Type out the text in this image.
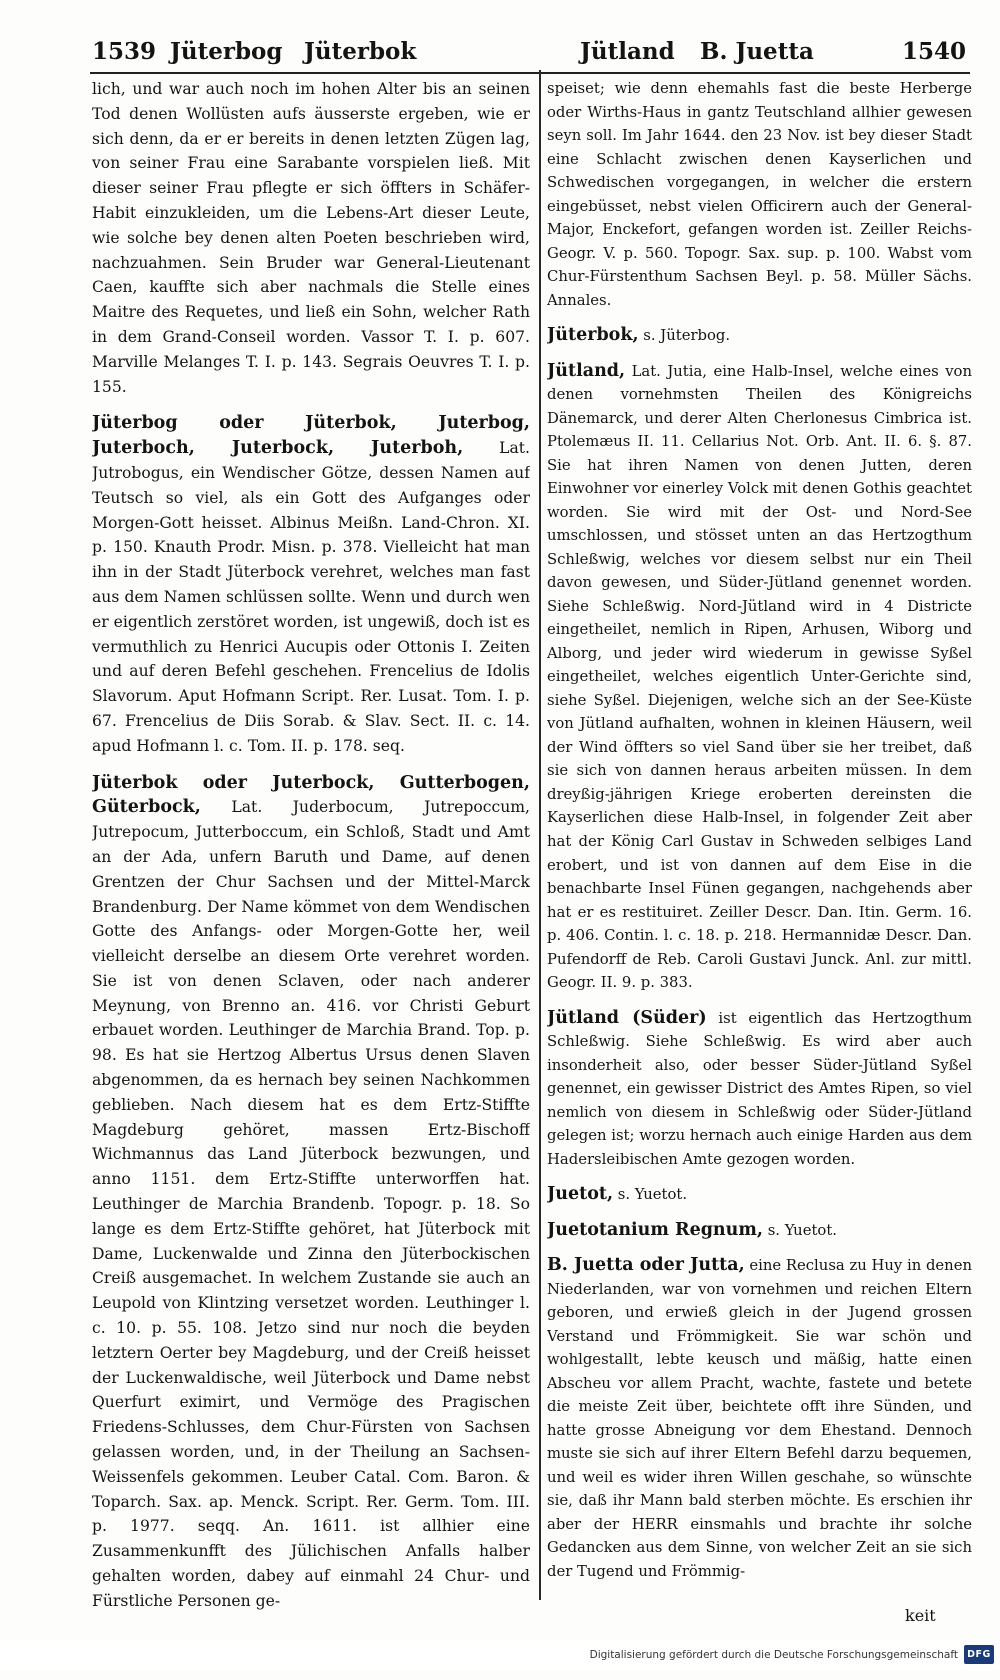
1539 Jüterbog Jüterbok	Jütland B. Juetta	1540

lich, und war auch noch im hohen Alter bis an seinen Tod denen Wollüsten aufs äusserste ergeben, wie er sich denn, da er er bereits in denen letzten Zügen lag, von seiner Frau eine Sarabante vorspielen ließ. Mit dieser seiner Frau pflegte er sich öffters in Schäfer-Habit einzukleiden, um die Lebens-Art dieser Leute, wie solche bey denen alten Poeten beschrieben wird, nachzuahmen. Sein Bruder war General-Lieutenant Caen, kauffte sich aber nachmals die Stelle eines Maitre des Requetes, und ließ ein Sohn, welcher Rath in dem Grand-Conseil worden. Vassor T. I. p. 607. Marville Melanges T. I. p. 143. Segrais Oeuvres T. I. p. 155.

Jüterbog oder Jüterbok, Juterbog, Juterboch, Juterbock, Juterboh, Lat. Jutrobogus, ein Wendischer Götze, dessen Namen auf Teutsch so viel, als ein Gott des Aufganges oder Morgen-Gott heisset. Albinus Meißn. Land-Chron. XI. p. 150. Knauth Prodr. Misn. p. 378. Vielleicht hat man ihn in der Stadt Jüterbock verehret, welches man fast aus dem Namen schlüssen sollte. Wenn und durch wen er eigentlich zerstöret worden, ist ungewiß, doch ist es vermuthlich zu Henrici Aucupis oder Ottonis I. Zeiten und auf deren Befehl geschehen. Frencelius de Idolis Slavorum. Aput Hofmann Script. Rer. Lusat. Tom. I. p. 67. Frencelius de Diis Sorab. & Slav. Sect. II. c. 14. apud Hofmann l. c. Tom. II. p. 178. seq.

Jüterbok oder Juterbock, Gutterbogen, Güterbock, Lat. Juderbocum, Jutrepoccum, Jutrepocum, Jutterboccum, ein Schloß, Stadt und Amt an der Ada, unfern Baruth und Dame, auf denen Grentzen der Chur Sachsen und der Mittel-Marck Brandenburg. Der Name kömmet von dem Wendischen Gotte des Anfangs- oder Morgen-Gotte her, weil vielleicht derselbe an diesem Orte verehret worden. Sie ist von denen Sclaven, oder nach anderer Meynung, von Brenno an. 416. vor Christi Geburt erbauet worden. Leuthinger de Marchia Brand. Top. p. 98. Es hat sie Hertzog Albertus Ursus denen Slaven abgenommen, da es hernach bey seinen Nachkommen geblieben. Nach diesem hat es dem Ertz-Stiffte Magdeburg gehöret, massen Ertz-Bischoff Wichmannus das Land Jüterbock bezwungen, und anno 1151. dem Ertz-Stiffte unterworffen hat. Leuthinger de Marchia Brandenb. Topogr. p. 18. So lange es dem Ertz-Stiffte gehöret, hat Jüterbock mit Dame, Luckenwalde und Zinna den Jüterbockischen Creiß ausgemachet. In welchem Zustande sie auch an Leupold von Klintzing versetzet worden. Leuthinger l. c. 10. p. 55. 108. Jetzo sind nur noch die beyden letztern Oerter bey Magdeburg, und der Creiß heisset der Luckenwaldische, weil Jüterbock und Dame nebst Querfurt eximirt, und Vermöge des Pragischen Friedens-Schlusses, dem Chur-Fürsten von Sachsen gelassen worden, und, in der Theilung an Sachsen-Weissenfels gekommen. Leuber Catal. Com. Baron. & Toparch. Sax. ap. Menck. Script. Rer. Germ. Tom. III. p. 1977. seqq. An. 1611. ist allhier eine Zusammenkunfft des Jülichischen Anfalls halber gehalten worden, dabey auf einmahl 24 Chur- und Fürstliche Personen ge-

speiset; wie denn ehemahls fast die beste Herberge oder Wirths-Haus in gantz Teutschland allhier gewesen seyn soll. Im Jahr 1644. den 23 Nov. ist bey dieser Stadt eine Schlacht zwischen denen Kayserlichen und Schwedischen vorgegangen, in welcher die erstern eingebüsset, nebst vielen Officirern auch der General-Major, Enckefort, gefangen worden ist. Zeiller Reichs-Geogr. V. p. 560. Topogr. Sax. sup. p. 100. Wabst vom Chur-Fürstenthum Sachsen Beyl. p. 58. Müller Sächs. Annales.

Jüterbok, s. Jüterbog.

Jütland, Lat. Jutia, eine Halb-Insel, welche eines von denen vornehmsten Theilen des Königreichs Dänemarck, und derer Alten Cherlonesus Cimbrica ist. Ptolemæus II. 11. Cellarius Not. Orb. Ant. II. 6. §. 87. Sie hat ihren Namen von denen Jutten, deren Einwohner vor einerley Volck mit denen Gothis geachtet worden. Sie wird mit der Ost- und Nord-See umschlossen, und stösset unten an das Hertzogthum Schleßwig, welches vor diesem selbst nur ein Theil davon gewesen, und Süder-Jütland genennet worden. Siehe Schleßwig. Nord-Jütland wird in 4 Districte eingetheilet, nemlich in Ripen, Arhusen, Wiborg und Alborg, und jeder wird wiederum in gewisse Syßel eingetheilet, welches eigentlich Unter-Gerichte sind, siehe Syßel. Diejenigen, welche sich an der See-Küste von Jütland aufhalten, wohnen in kleinen Häusern, weil der Wind öffters so viel Sand über sie her treibet, daß sie sich von dannen heraus arbeiten müssen. In dem dreyßig-jährigen Kriege eroberten dereinsten die Kayserlichen diese Halb-Insel, in folgender Zeit aber hat der König Carl Gustav in Schweden selbiges Land erobert, und ist von dannen auf dem Eise in die benachbarte Insel Fünen gegangen, nachgehends aber hat er es restituiret. Zeiller Descr. Dan. Itin. Germ. 16. p. 406. Contin. l. c. 18. p. 218. Hermannidæ Descr. Dan. Pufendorff de Reb. Caroli Gustavi Junck. Anl. zur mittl. Geogr. II. 9. p. 383.

Jütland (Süder) ist eigentlich das Hertzogthum Schleßwig. Siehe Schleßwig. Es wird aber auch insonderheit also, oder besser Süder-Jütland Syßel genennet, ein gewisser District des Amtes Ripen, so viel nemlich von diesem in Schleßwig oder Süder-Jütland gelegen ist; worzu hernach auch einige Harden aus dem Hadersleibischen Amte gezogen worden.

Juetot, s. Yuetot.

Juetotanium Regnum, s. Yuetot.

B. Juetta oder Jutta, eine Reclusa zu Huy in denen Niederlanden, war von vornehmen und reichen Eltern geboren, und erwieß gleich in der Jugend grossen Verstand und Frömmigkeit. Sie war schön und wohlgestallt, lebte keusch und mäßig, hatte einen Abscheu vor allem Pracht, wachte, fastete und betete die meiste Zeit über, beichtete offt ihre Sünden, und hatte grosse Abneigung vor dem Ehestand. Dennoch muste sie sich auf ihrer Eltern Befehl darzu bequemen, und weil es wider ihren Willen geschahe, so wünschte sie, daß ihr Mann bald sterben möchte. Es erschien ihr aber der HERR einsmahls und brachte ihr solche Gedancken aus dem Sinne, von welcher Zeit an sie sich der Tugend und Frömmig-

keit
Digitalisierung gefördert durch die Deutsche Forschungsgemeinschaft DFG
